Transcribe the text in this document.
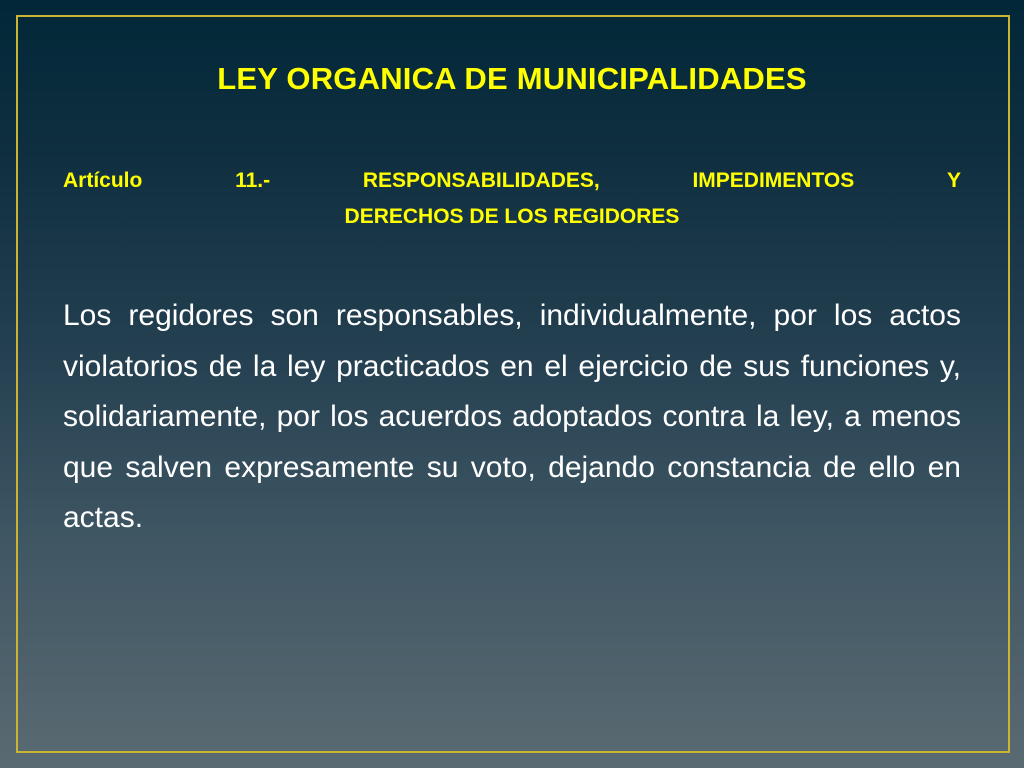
LEY ORGANICA DE MUNICIPALIDADES
Artículo	11.-	RESPONSABILIDADES,	IMPEDIMENTOS	Y
DERECHOS DE LOS REGIDORES

Los regidores son responsables, individualmente, por los actos violatorios de la ley practicados en el ejercicio de sus funciones y, solidariamente, por los acuerdos adoptados contra la ley, a menos que salven expresamente su voto, dejando constancia de ello en actas.
